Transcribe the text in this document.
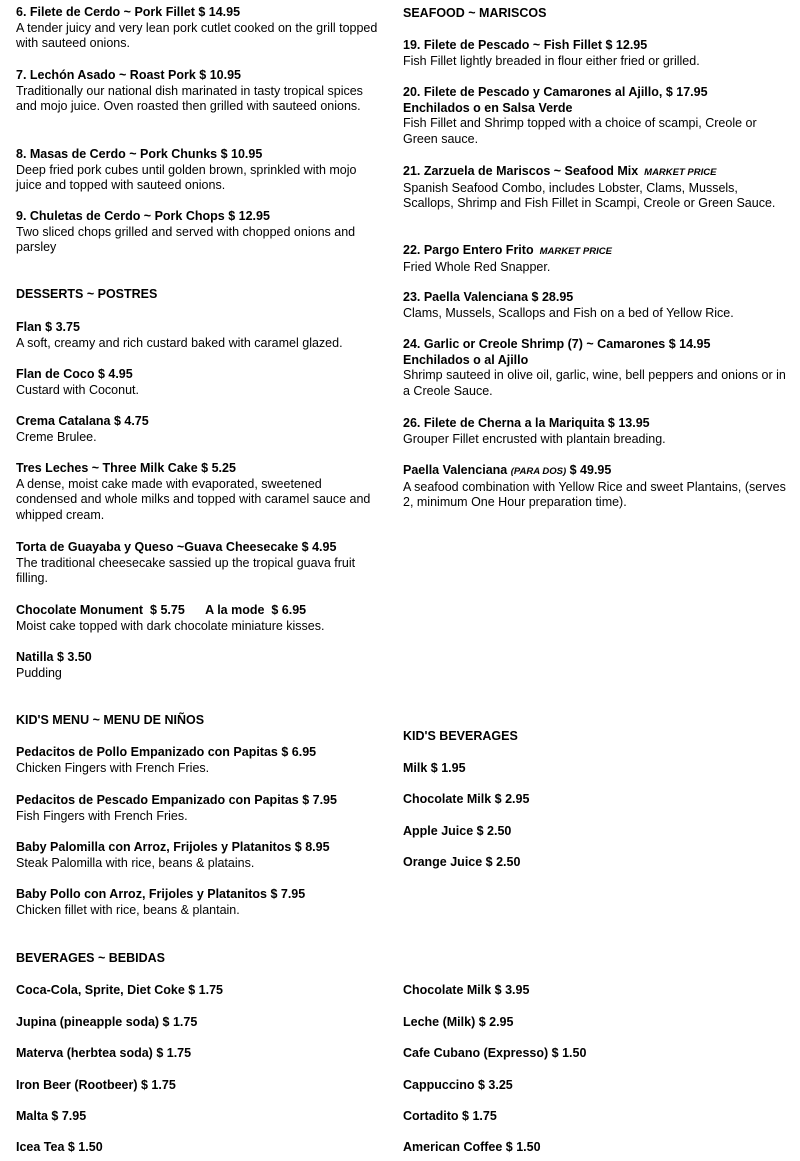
6. Filete de Cerdo ~ Pork Fillet $ 14.95
A tender juicy and very lean pork cutlet cooked on the grill topped with sauteed onions.
7. Lechón Asado ~ Roast Pork $ 10.95
Traditionally our national dish marinated in tasty tropical spices and mojo juice. Oven roasted then grilled with sauteed onions.
8. Masas de Cerdo ~ Pork Chunks $ 10.95
Deep fried pork cubes until golden brown, sprinkled with mojo juice and topped with sauteed onions.
9. Chuletas de Cerdo ~ Pork Chops $ 12.95
Two sliced chops grilled and served with chopped onions and parsley
DESSERTS ~ POSTRES
Flan $ 3.75
A soft, creamy and rich custard baked with caramel glazed.
Flan de Coco $ 4.95
Custard with Coconut.
Crema Catalana $ 4.75
Creme Brulee.
Tres Leches ~ Three Milk Cake $ 5.25
A dense, moist cake made with evaporated, sweetened condensed and whole milks and topped with caramel sauce and whipped cream.
Torta de Guayaba y Queso ~Guava Cheesecake $ 4.95
The traditional cheesecake sassied up the tropical guava fruit filling.
Chocolate Monument  $ 5.75      A la mode  $ 6.95
Moist cake topped with dark chocolate miniature kisses.
Natilla $ 3.50
Pudding
SEAFOOD ~ MARISCOS
19. Filete de Pescado ~ Fish Fillet $ 12.95
Fish Fillet lightly breaded in flour either fried or grilled.
20. Filete de Pescado y Camarones al Ajillo, $ 17.95
Enchilados o en Salsa Verde
Fish Fillet and Shrimp topped with a choice of scampi, Creole or Green sauce.
21. Zarzuela de Mariscos ~ Seafood Mix MARKET PRICE
Spanish Seafood Combo, includes Lobster, Clams, Mussels, Scallops, Shrimp and Fish Fillet in Scampi, Creole or Green Sauce.
22. Pargo Entero Frito MARKET PRICE
Fried Whole Red Snapper.
23. Paella Valenciana $ 28.95
Clams, Mussels, Scallops and Fish on a bed of Yellow Rice.
24. Garlic or Creole Shrimp (7) ~ Camarones $ 14.95
Enchilados o al Ajillo
Shrimp sauteed in olive oil, garlic, wine, bell peppers and onions or in a Creole Sauce.
26. Filete de Cherna a la Mariquita $ 13.95
Grouper Fillet encrusted with plantain breading.
Paella Valenciana (PARA DOS) $ 49.95
A seafood combination with Yellow Rice and sweet Plantains, (serves 2, minimum One Hour preparation time).
KID'S MENU ~ MENU DE NIÑOS
Pedacitos de Pollo Empanizado con Papitas $ 6.95
Chicken Fingers with French Fries.
Pedacitos de Pescado Empanizado con Papitas $ 7.95
Fish Fingers with French Fries.
Baby Palomilla con Arroz, Frijoles y Platanitos $ 8.95
Steak Palomilla with rice, beans & platains.
Baby Pollo con Arroz, Frijoles y Platanitos $ 7.95
Chicken fillet with rice, beans & plantain.
KID'S BEVERAGES
Milk $ 1.95
Chocolate Milk $ 2.95
Apple Juice $ 2.50
Orange Juice $ 2.50
BEVERAGES ~ BEBIDAS
Coca-Cola, Sprite, Diet Coke $ 1.75
Jupina (pineapple soda) $ 1.75
Materva (herbtea soda) $ 1.75
Iron Beer (Rootbeer) $ 1.75
Malta $ 7.95
Icea Tea $ 1.50
Chocolate Milk $ 3.95
Leche (Milk) $ 2.95
Cafe Cubano (Expresso) $ 1.50
Cappuccino $ 3.25
Cortadito $ 1.75
American Coffee $ 1.50
